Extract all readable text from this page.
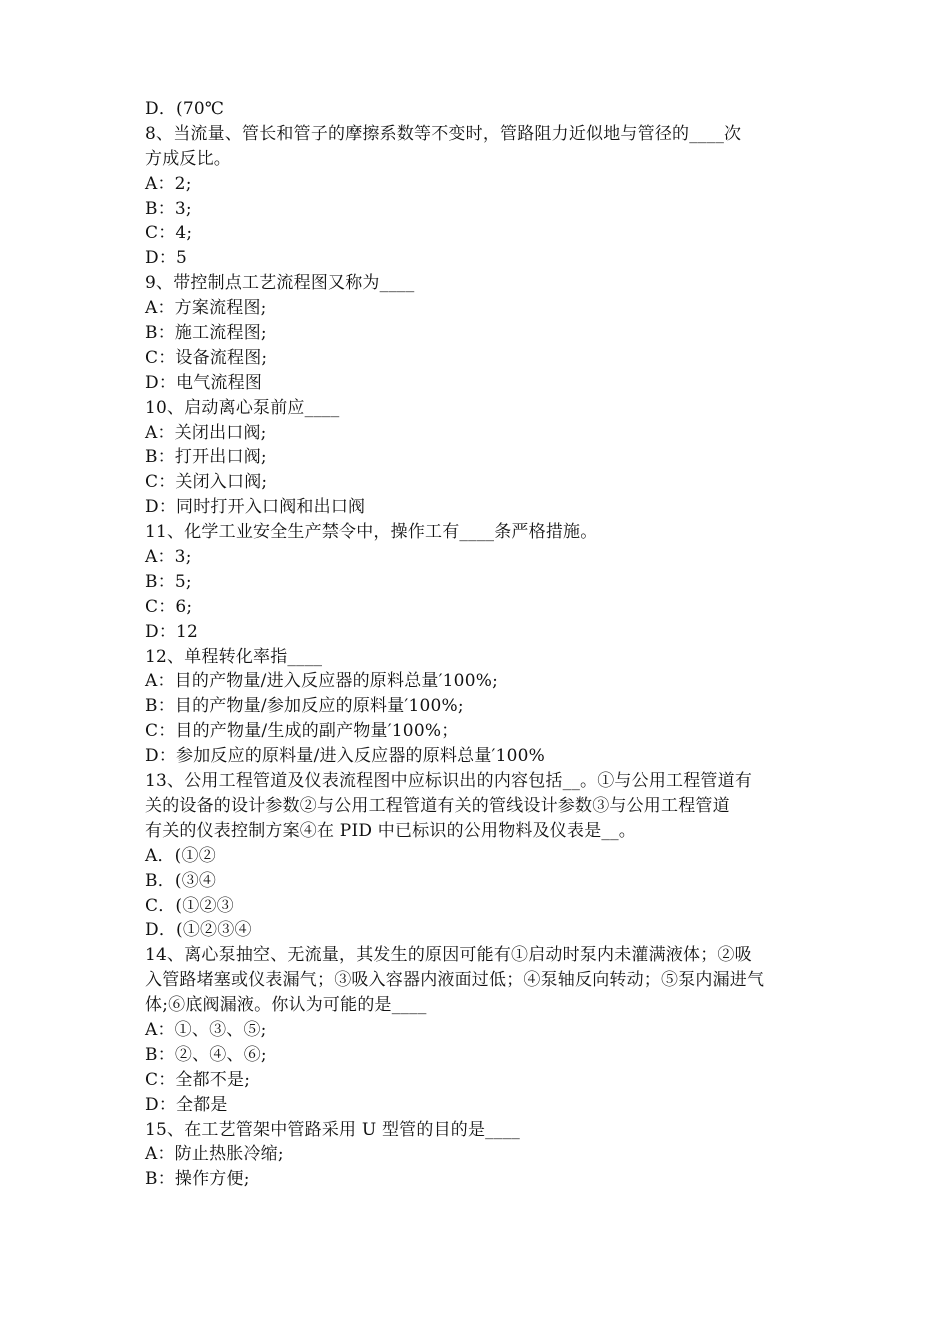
D．(70℃
8、当流量、管长和管子的摩擦系数等不变时，管路阻力近似地与管径的____次
方成反比。
A：2;
B：3;
C：4;
D：5
9、带控制点工艺流程图又称为____
A：方案流程图;
B：施工流程图;
C：设备流程图;
D：电气流程图
10、启动离心泵前应____
A：关闭出口阀;
B：打开出口阀;
C：关闭入口阀;
D：同时打开入口阀和出口阀
11、化学工业安全生产禁令中，操作工有____条严格措施。
A：3;
B：5;
C：6;
D：12
12、单程转化率指____
A：目的产物量/进入反应器的原料总量′100%;
B：目的产物量/参加反应的原料量′100%;
C：目的产物量/生成的副产物量′100%；
D：参加反应的原料量/进入反应器的原料总量′100%
13、公用工程管道及仪表流程图中应标识出的内容包括__。①与公用工程管道有
关的设备的设计参数②与公用工程管道有关的管线设计参数③与公用工程管道
有关的仪表控制方案④在 PID 中已标识的公用物料及仪表是__。
A．(①②
B．(③④
C．(①②③
D．(①②③④
14、离心泵抽空、无流量，其发生的原因可能有①启动时泵内未灌满液体；②吸
入管路堵塞或仪表漏气；③吸入容器内液面过低；④泵轴反向转动；⑤泵内漏进气
体;⑥底阀漏液。你认为可能的是____
A：①、③、⑤;
B：②、④、⑥;
C：全都不是;
D：全都是
15、在工艺管架中管路采用 U 型管的目的是____
A：防止热胀冷缩;
B：操作方便;
